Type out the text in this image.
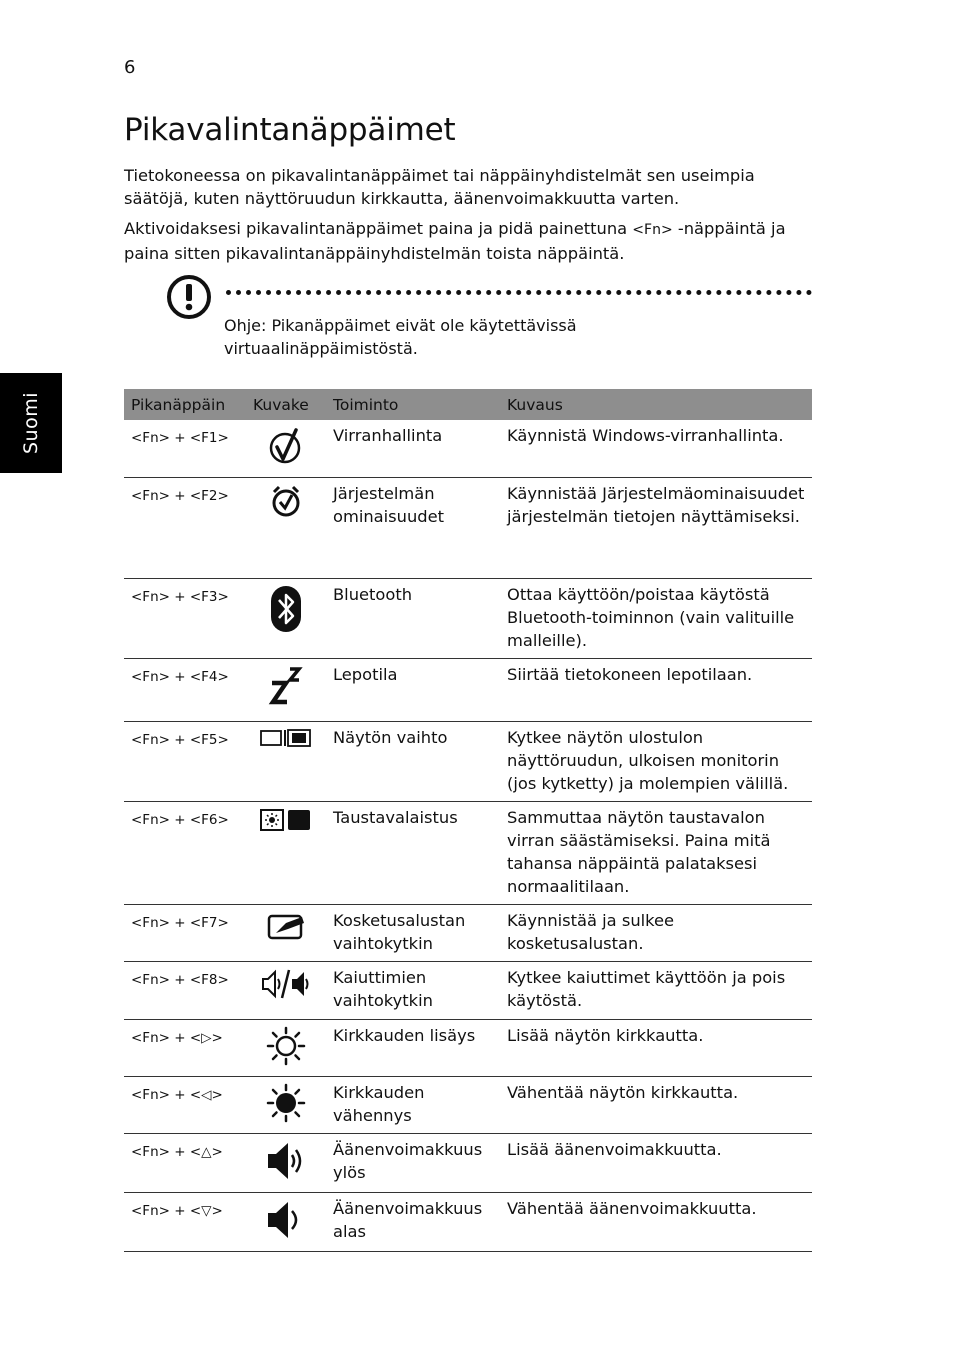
6
Pikavalintanäppäimet

Tietokoneessa on pikavalintanäppäimet tai näppäinyhdistelmät sen useimpia säätöjä, kuten näyttöruudun kirkkautta, äänenvoimakkuutta varten.

Aktivoidaksesi pikavalintanäppäimet paina ja pidä painettuna <Fn> -näppäintä ja paina sitten pikavalintanäppäinyhdistelmän toista näppäintä.

Suomi
Ohje: Pikanäppäimet eivät ole käytettävissä virtuaalinäppäimistöstä.
Pikanäppäin	Kuvake	Toiminto	Kuvaus
<Fn> + <F1>		Virranhallinta	Käynnistä Windows-virranhallinta.
<Fn> + <F2>		Järjestelmän ominaisuudet	Käynnistää Järjestelmäominaisuudet järjestelmän tietojen näyttämiseksi.
<Fn> + <F3>		Bluetooth	Ottaa käyttöön/poistaa käytöstä Bluetooth-toiminnon (vain valituille malleille).
<Fn> + <F4>		Lepotila	Siirtää tietokoneen lepotilaan.
<Fn> + <F5>		Näytön vaihto	Kytkee näytön ulostulon näyttöruudun, ulkoisen monitorin (jos kytketty) ja molempien välillä.
<Fn> + <F6>		Taustavalaistus	Sammuttaa näytön taustavalon virran säästämiseksi. Paina mitä tahansa näppäintä palataksesi normaalitilaan.
<Fn> + <F7>		Kosketusalustan vaihtokytkin	Käynnistää ja sulkee kosketusalustan.
<Fn> + <F8>		Kaiuttimien vaihtokytkin	Kytkee kaiuttimet käyttöön ja pois käytöstä.
<Fn> + <▷>		Kirkkauden lisäys	Lisää näytön kirkkautta.
<Fn> + <◁>		Kirkkauden vähennys	Vähentää näytön kirkkautta.
<Fn> + <△>		Äänenvoimakkuus ylös	Lisää äänenvoimakkuutta.
<Fn> + <▽>		Äänenvoimakkuus alas	Vähentää äänenvoimakkuutta.
